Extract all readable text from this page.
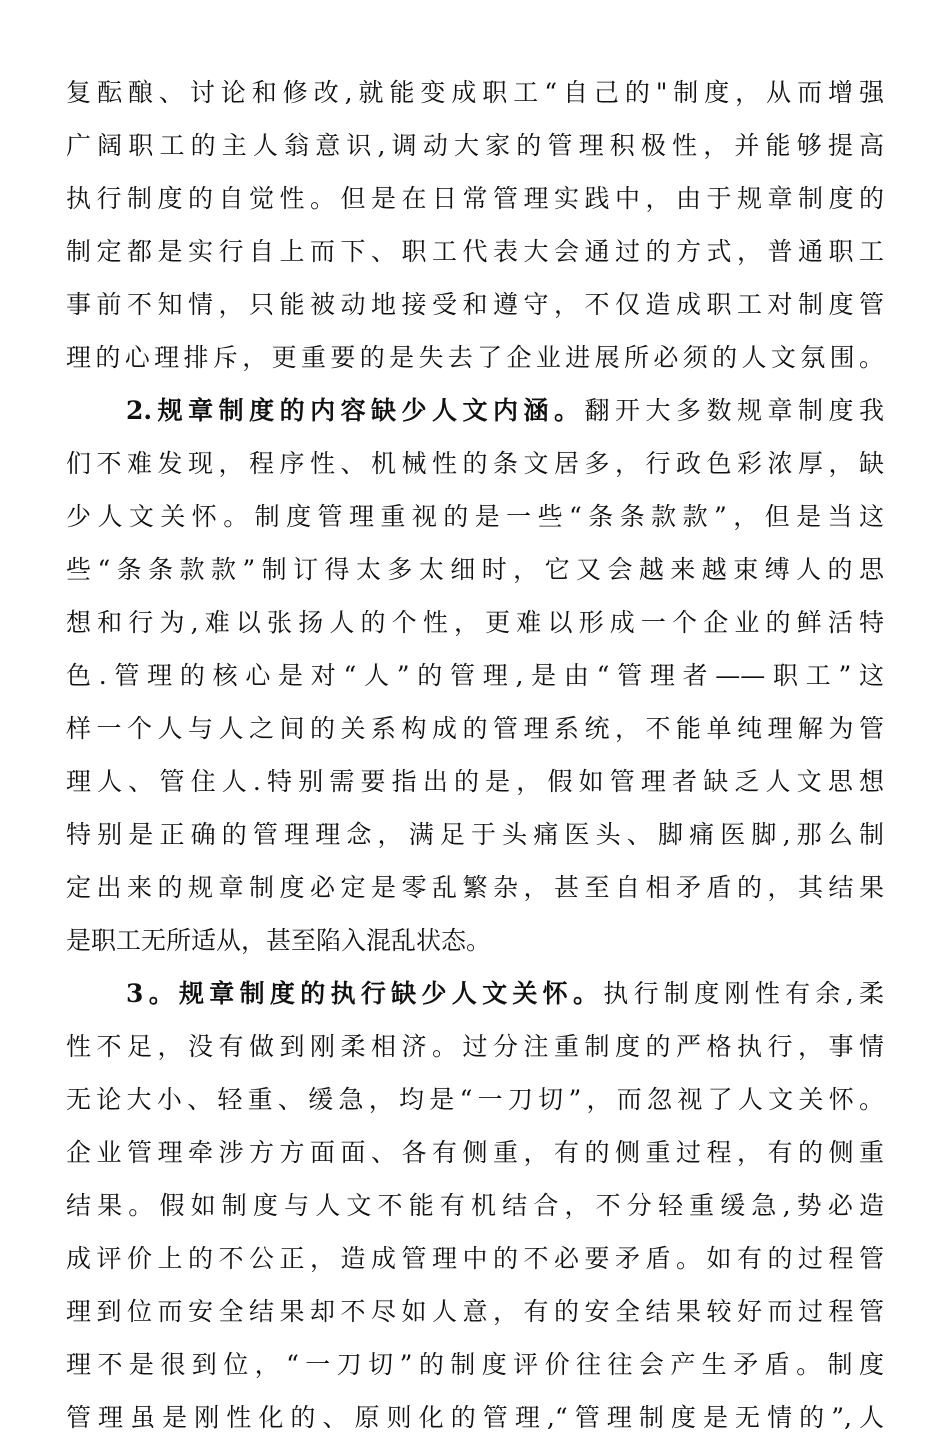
复酝酿、讨论和修改,就能变成职工“自己的"制度，从而增强
广阔职工的主人翁意识,调动大家的管理积极性，并能够提高
执行制度的自觉性。但是在日常管理实践中，由于规章制度的
制定都是实行自上而下、职工代表大会通过的方式，普通职工
事前不知情，只能被动地接受和遵守，不仅造成职工对制度管
理的心理排斥，更重要的是失去了企业进展所必须的人文氛围。
2.规章制度的内容缺少人文内涵。翻开大多数规章制度我
们不难发现，程序性、机械性的条文居多，行政色彩浓厚，缺
少人文关怀。制度管理重视的是一些“条条款款”，但是当这
些“条条款款”制订得太多太细时，它又会越来越束缚人的思
想和行为,难以张扬人的个性，更难以形成一个企业的鲜活特
色.管理的核心是对“人”的管理,是由“管理者——职工”这
样一个人与人之间的关系构成的管理系统，不能单纯理解为管
理人、管住人.特别需要指出的是，假如管理者缺乏人文思想
特别是正确的管理理念，满足于头痛医头、脚痛医脚,那么制
定出来的规章制度必定是零乱繁杂，甚至自相矛盾的，其结果
是职工无所适从，甚至陷入混乱状态。
3。规章制度的执行缺少人文关怀。执行制度刚性有余,柔
性不足，没有做到刚柔相济。过分注重制度的严格执行，事情
无论大小、轻重、缓急，均是“一刀切”，而忽视了人文关怀。
企业管理牵涉方方面面、各有侧重，有的侧重过程，有的侧重
结果。假如制度与人文不能有机结合，不分轻重缓急,势必造
成评价上的不公正，造成管理中的不必要矛盾。如有的过程管
理到位而安全结果却不尽如人意，有的安全结果较好而过程管
理不是很到位，“一刀切”的制度评价往往会产生矛盾。制度
管理虽是刚性化的、原则化的管理,“管理制度是无情的”,人
